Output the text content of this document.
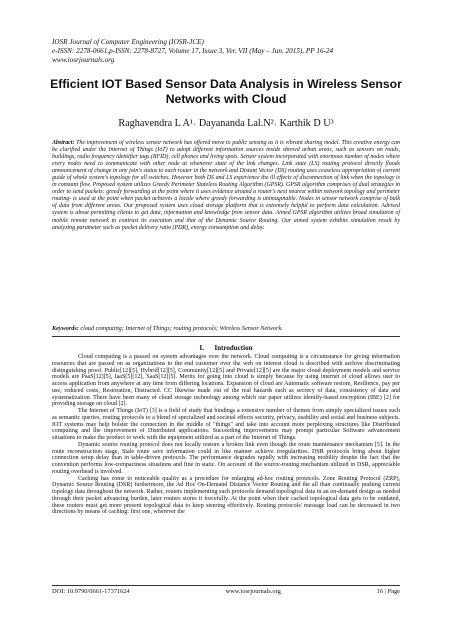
IOSR Journal of Computer Engineering (IOSR-JCE)
e-ISSN: 2278-0661,p-ISSN: 2278-8727, Volume 17, Issue 3, Ver. VII (May – Jun. 2015), PP 16-24
www.iosrjournals.org
Efficient IOT Based Sensor Data Analysis in Wireless Sensor Networks with Cloud
Raghavendra L A¹˒ Dayananda Lal.N²˒ Karthik D U³
Abstract: The improvement of wireless sensor network has offered move to public sensing as it is vibrant sharing model. This creative energy can be clarified under the Internet of Things (IoT) to adopt different information sources inside shrewd urban areas, such as sensors on roads, buildings, radio frequency identifier tags (RFID), cell phones and living spots. Sensor system incorporated with enormous number of nodes where every nodes need to communicate with other node at whenever state of the link changes. Link state (LS) routing protocol directly floods announcement of change in any join's status to each router in the network and Distant Vector (DS) routing uses ceaseless appropriation of current guide of whole system's topology for all switches. However both DS and LS experience the ill effects of disconnection of link when the topology is in constant flow. Proposed system utilizes Greedy Perimeter Stateless Routing Algorithm (GPSR). GPSR algorithm comprises of dual strategies in order to send packets: greedy forwarding at the point where it uses evidence around a router's next nearest within network topology and perimeter routing- is used at the point when packet achieves a locale where greedy forwarding is unimaginable. Nodes in sensor network comprise of bulk of data from different areas. Our proposed system uses cloud storage platform that is extremely helpful to perform data calculation. Advised system is about permitting clients to get data, information and knowledge from sensor data. Aimed GPSR algorithm utilizes broad simulation of mobile remote network to contrast its execution and that of the Dynamic Source Routing. Our aimed system exhibits simulation result by analyzing parameter such as packet delivery ratio (PDR), energy consumption and delay.
Keywords: cloud computing; Internet of Things; routing protocols; Wireless Sensor Network.
I.      Introduction

Cloud computing is a passed on system advantages over the network. Cloud computing is a circumstance for giving information resources that are passed on as organizations to the end customer over the web on interest cloud is described with archive discriminating distinguishing proof. Public[12][5], Hybrid[12][5], Community[12][5] and Private[12][5] are the major cloud deployment models and service models are PaaS[12][5], IaaS[5][12], SaaS[12][5]. Merits for going into cloud is simply because by using internet of cloud allows user to access application from anywhere at any time from differing locations. Expansion of cloud are Automatic software restore, Resilience, pay per use, reduced costs, Restoration, Distracted. CC likewise made out of the real hazards such as secrecy of data, consistency of data and systematization. There have been many of cloud storage technology among which our paper utilizes identify-based encryption (IBE) [2] for providing storage on cloud [2].

The Internet of Things (IoT) [3] is a field of study that bindings a extensive number of themes from simply specialized issues such as semantic queries, routing protocols to a blend of specialized and societal effects security, privacy, usability and social and business subjects. IOT systems may help bolster the connection in the middle of "things" and take into account more perplexing structures like Distributed computing and the improvement of Distributed applications. Succeeding improvements may prompt particular Software advancement situations to make the product to work with the equipment utilized as a part of the Internet of Things.

Dynamic source routing protocol does not locally restore a broken link even though the route maintenance mechanism [5]. In the route reconstruction stage, Stale route save information could in like manner achieve irregularities. DSR protocols bring about higher connection setup delay than in table-driven protocols. The performance degrades rapidly with increasing mobility despite the fact that the convention performs low-compactness situations and fine in static. On account of the source-routing mechanism utilized in DSR, appreciable routing overhead is involved.

Caching has come to noticeable quality as a procedure for enlarging ad-hoc routing protocols. Zone Routing Protocol (ZRP), Dynamic Source Routing (DSR) furthermore, the Ad Hoc On-Demand Distance Vector Routing and the all than continually pushing current topology data throughout the network. Rather, routers implementing such protocols demand topological data in an on-demand design as needed through their packet advancing burden, later routers stores it forcefully. At the point when their cached topological data gets to be outdated, these routers must get more present topological data to keep steering effectively. Routing protocols' message load can be decreased in two directions by means of caching: first one, wherever the

DOI: 10.9790/0661-17371624	www.iosrjournals.org	16 | Page
